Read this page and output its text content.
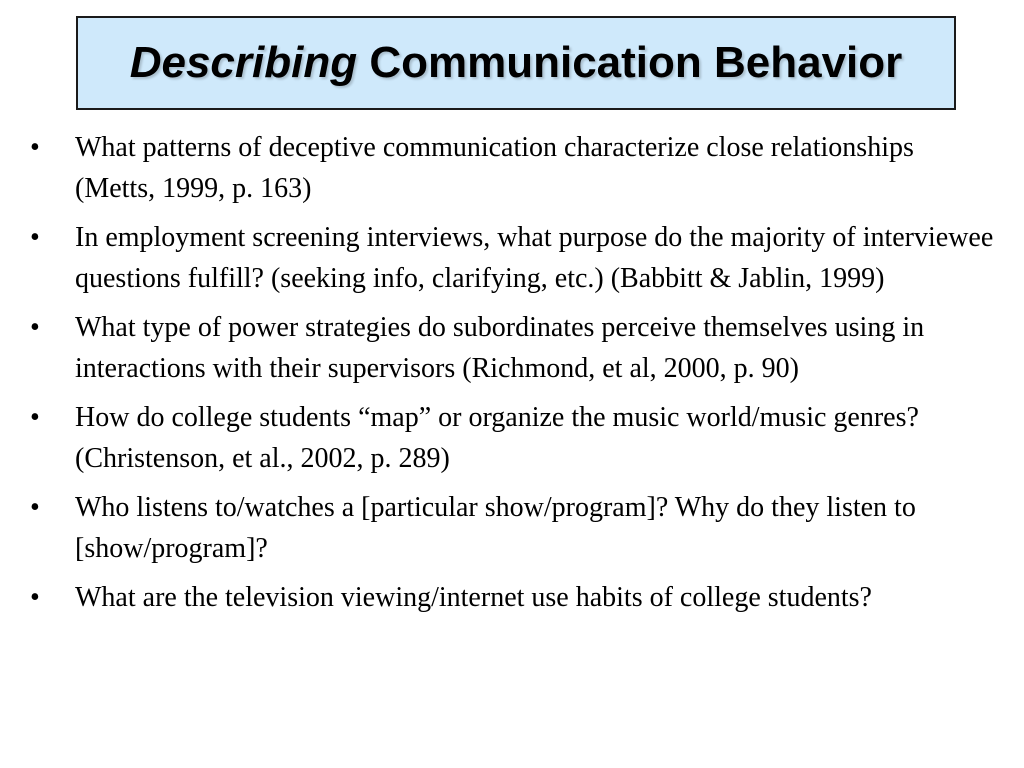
Describing Communication Behavior
• What patterns of deceptive communication characterize close relationships (Metts, 1999, p. 163)
• In employment screening interviews, what purpose do the majority of interviewee questions fulfill? (seeking info, clarifying, etc.) (Babbitt & Jablin, 1999)
• What type of power strategies do subordinates perceive themselves using in interactions with their supervisors (Richmond, et al, 2000, p. 90)
• How do college students “map” or organize the music world/music genres? (Christenson, et al., 2002, p. 289)
• Who listens to/watches a [particular show/program]? Why do they listen to [show/program]?
• What are the television viewing/internet use habits of college students?
